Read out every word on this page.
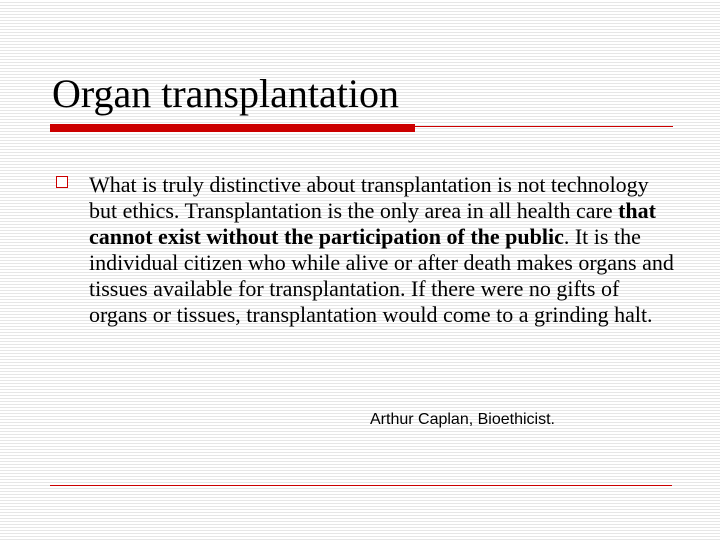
Organ transplantation

What is truly distinctive about transplantation is not technology but ethics. Transplantation is the only area in all health care that cannot exist without the participation of the public. It is the individual citizen who while alive or after death makes organs and tissues available for transplantation. If there were no gifts of organs or tissues, transplantation would come to a grinding halt.

Arthur Caplan, Bioethicist.
